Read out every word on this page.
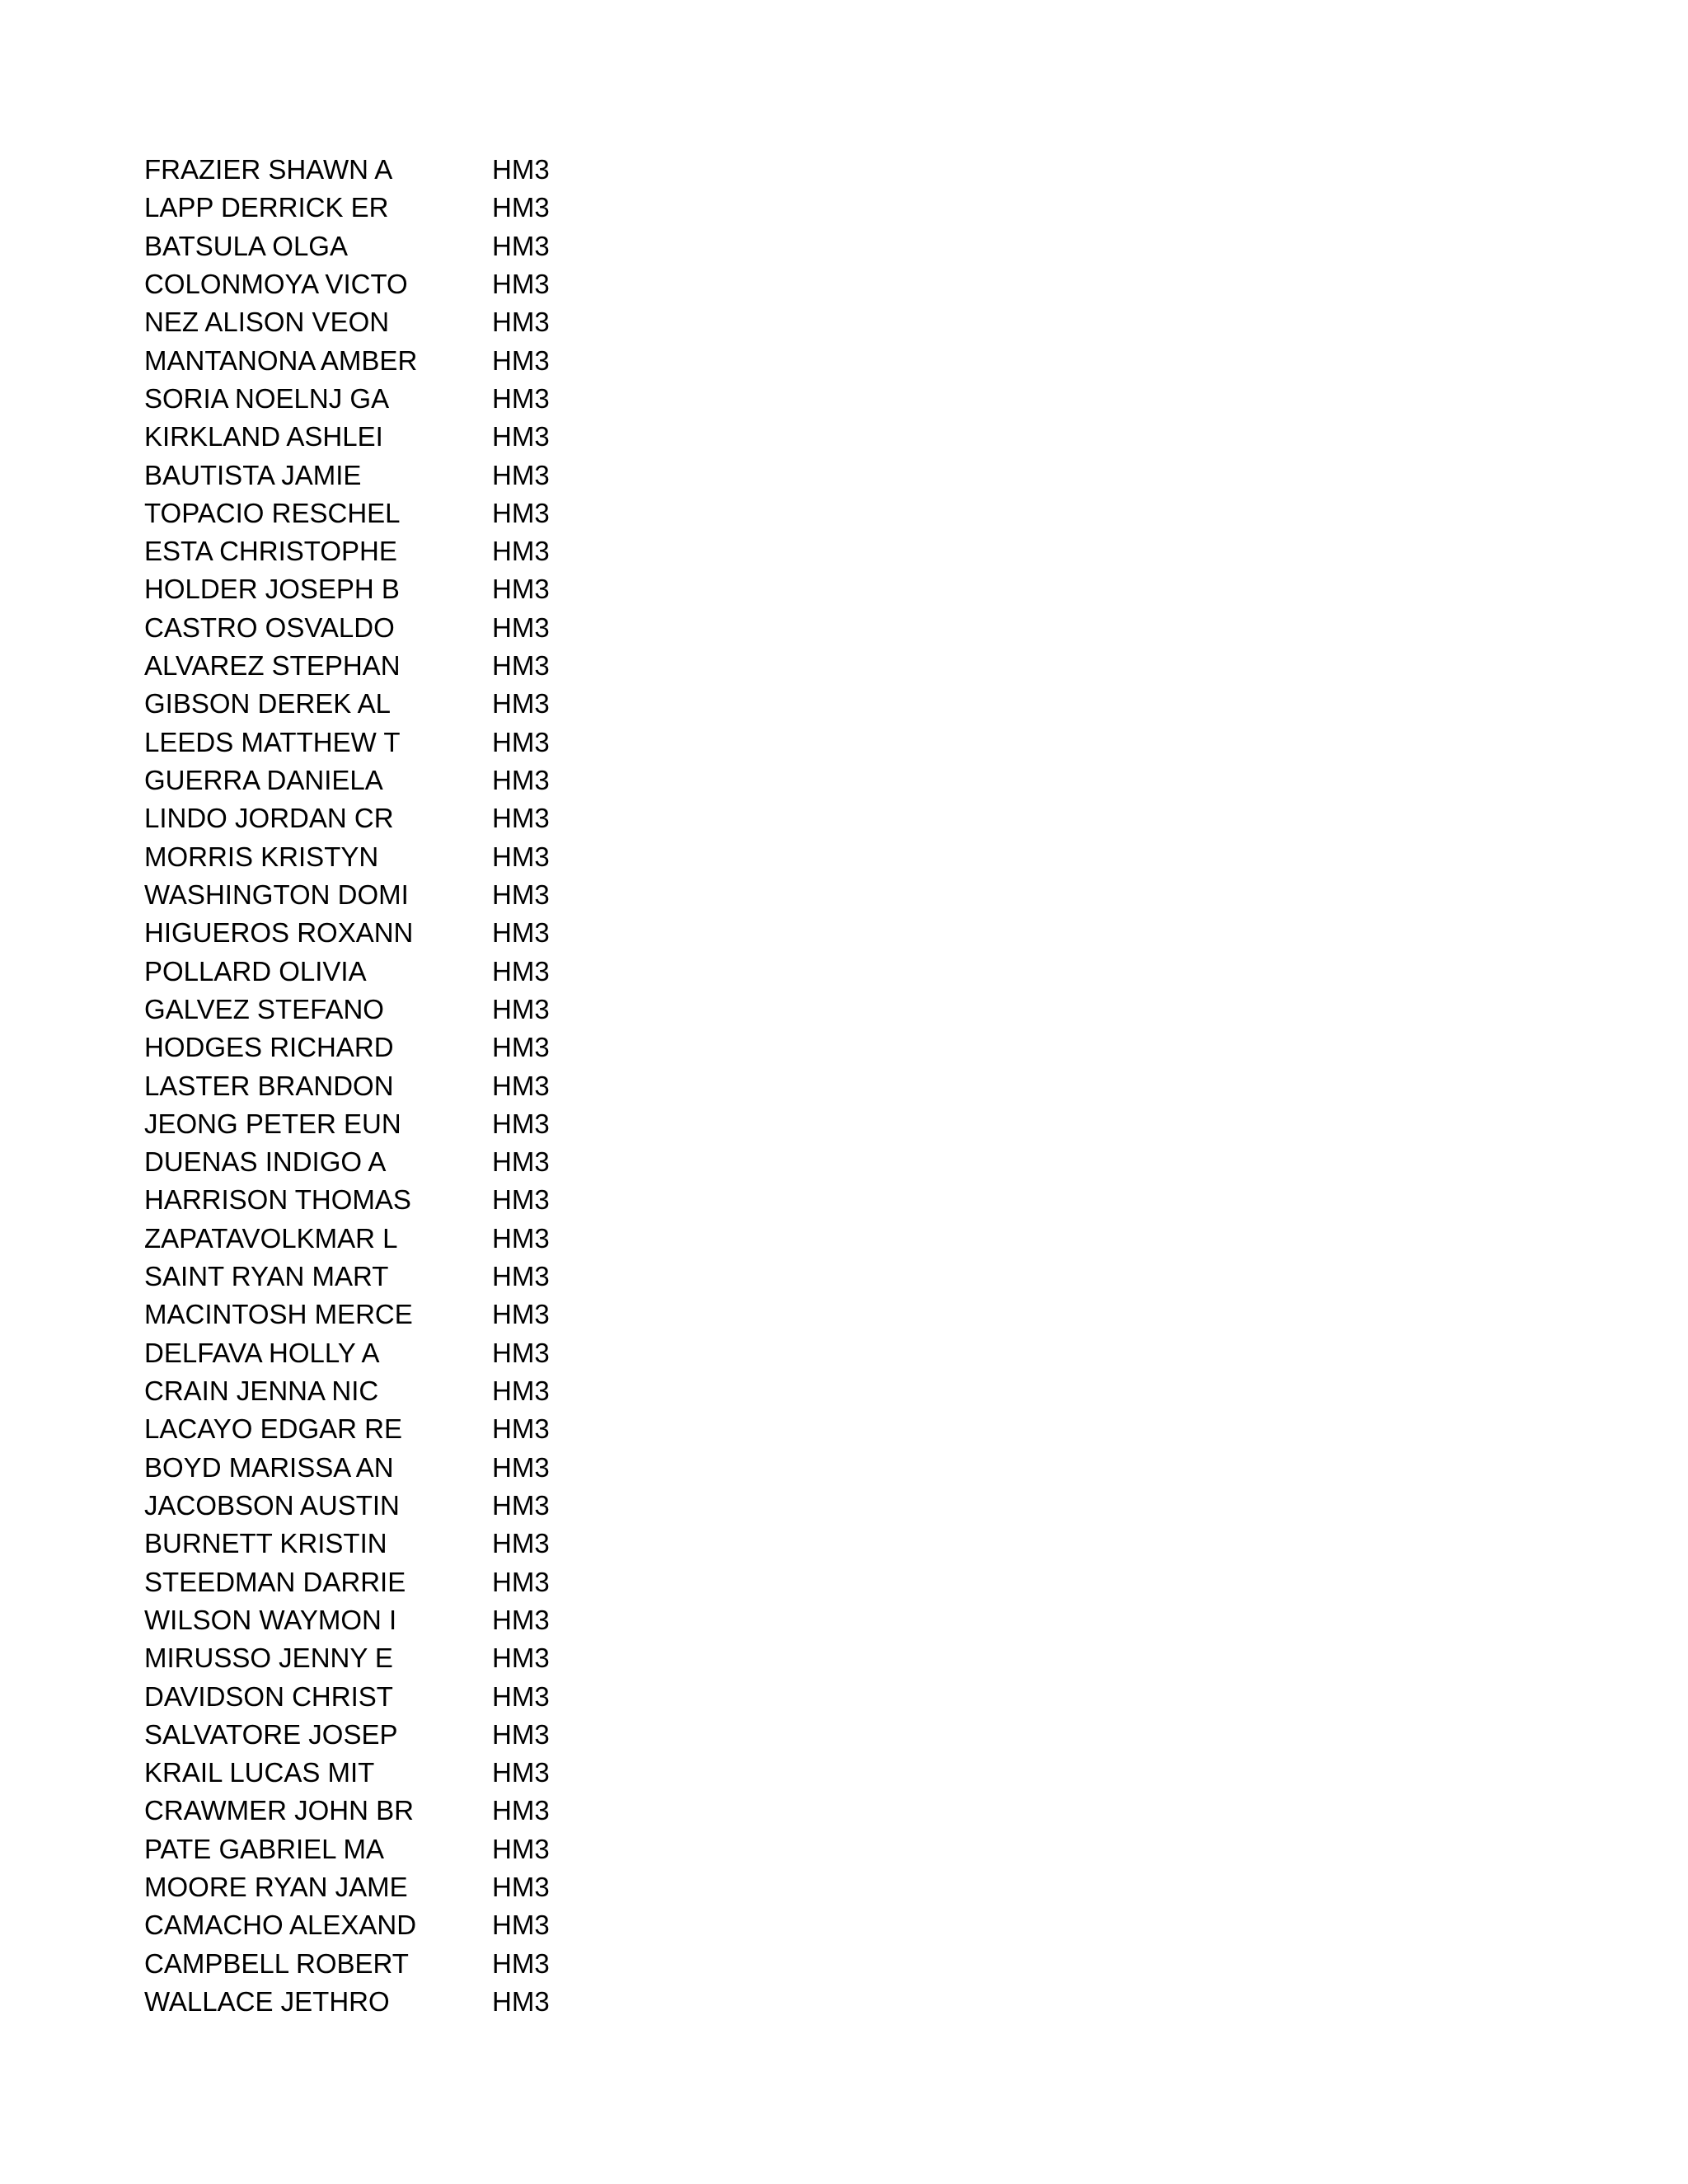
FRAZIER SHAWN A	HM3
LAPP DERRICK ER	HM3
BATSULA OLGA	HM3
COLONMOYA VICTO	HM3
NEZ ALISON VEON	HM3
MANTANONA AMBER	HM3
SORIA NOELNJ GA	HM3
KIRKLAND ASHLEI	HM3
BAUTISTA JAMIE	HM3
TOPACIO RESCHEL	HM3
ESTA CHRISTOPHE	HM3
HOLDER JOSEPH B	HM3
CASTRO OSVALDO	HM3
ALVAREZ STEPHAN	HM3
GIBSON DEREK AL	HM3
LEEDS MATTHEW T	HM3
GUERRA DANIELA	HM3
LINDO JORDAN CR	HM3
MORRIS KRISTYN	HM3
WASHINGTON DOMI	HM3
HIGUEROS ROXANN	HM3
POLLARD OLIVIA	HM3
GALVEZ STEFANO	HM3
HODGES RICHARD	HM3
LASTER BRANDON	HM3
JEONG PETER EUN	HM3
DUENAS INDIGO A	HM3
HARRISON THOMAS	HM3
ZAPATAVOLKMAR L	HM3
SAINT RYAN MART	HM3
MACINTOSH MERCE	HM3
DELFAVA HOLLY A	HM3
CRAIN JENNA NIC	HM3
LACAYO EDGAR RE	HM3
BOYD MARISSA AN	HM3
JACOBSON AUSTIN	HM3
BURNETT KRISTIN	HM3
STEEDMAN DARRIE	HM3
WILSON WAYMON I	HM3
MIRUSSO JENNY E	HM3
DAVIDSON CHRIST	HM3
SALVATORE JOSEP	HM3
KRAIL LUCAS MIT	HM3
CRAWMER JOHN BR	HM3
PATE GABRIEL MA	HM3
MOORE RYAN JAME	HM3
CAMACHO ALEXAND	HM3
CAMPBELL ROBERT	HM3
WALLACE JETHRO	HM3
